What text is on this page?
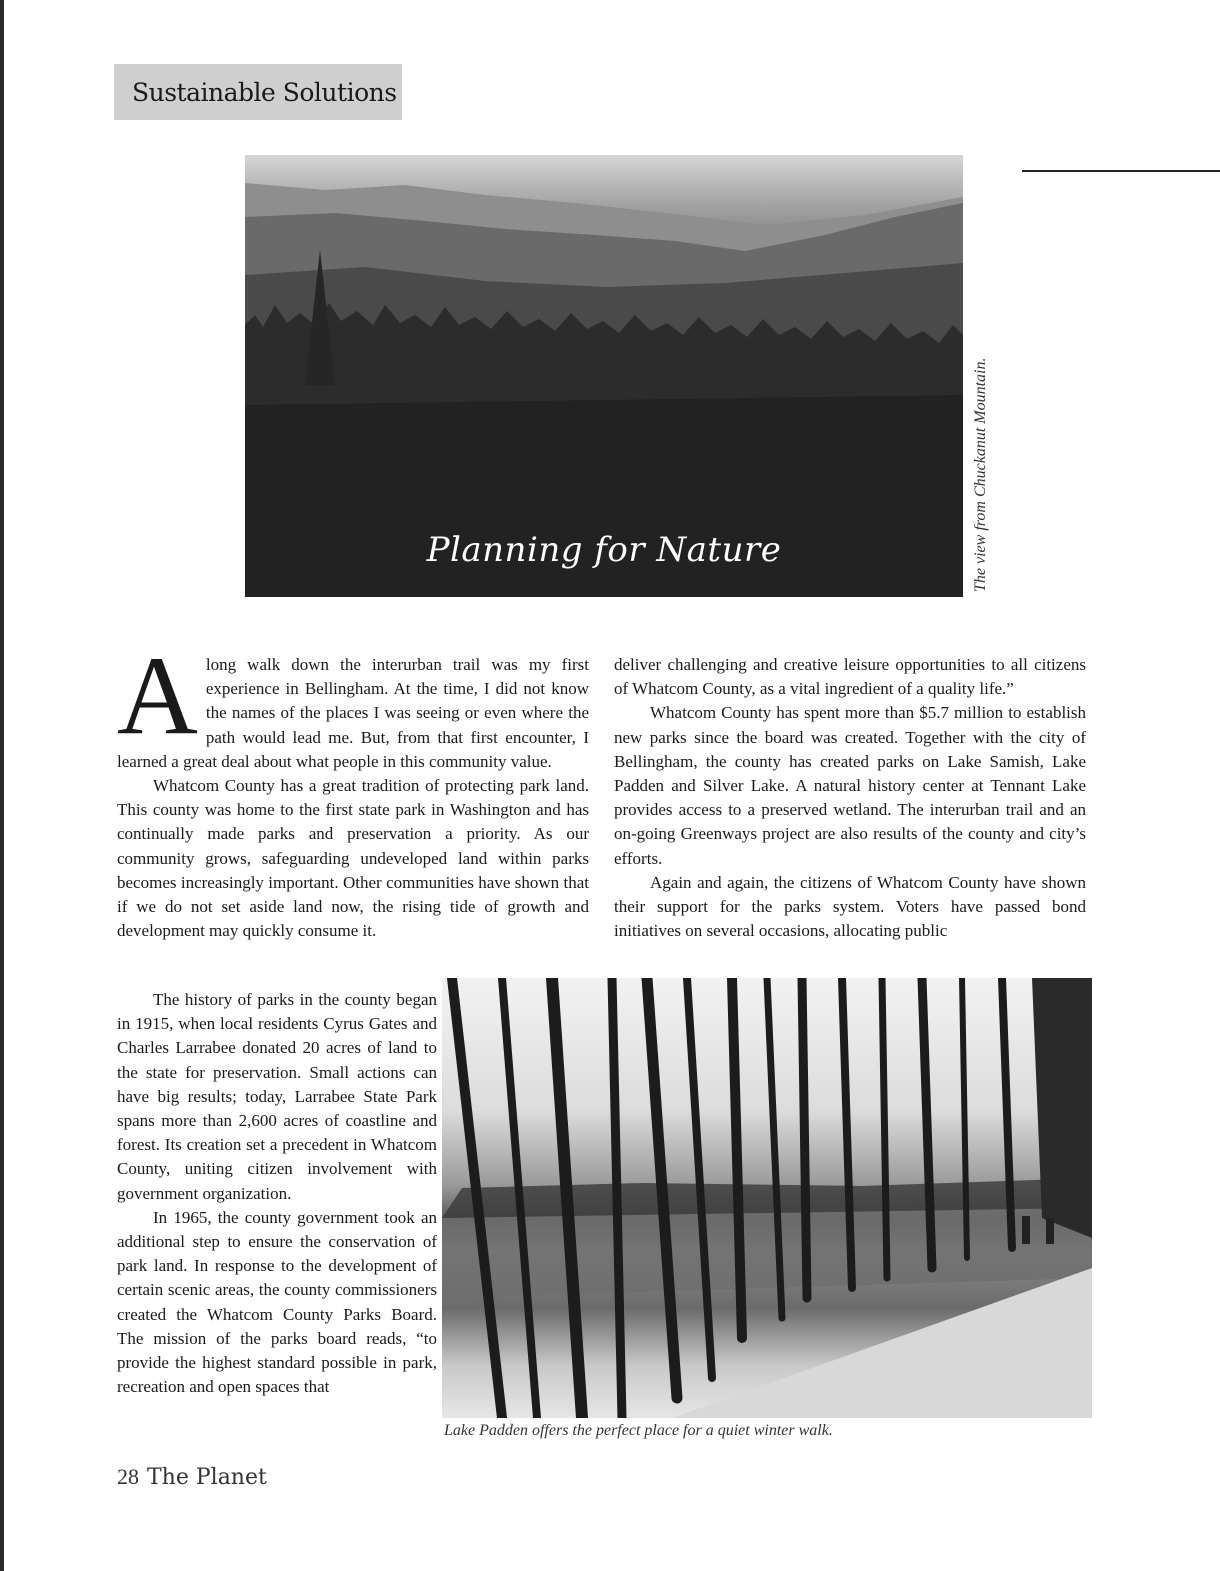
Sustainable Solutions
Planning for Nature	The view from Chuckanut Mountain.

Along walk down the interurban trail was my first experience in Bellingham. At the time, I did not know the names of the places I was seeing or even where the path would lead me. But, from that first encounter, I learned a great deal about what people in this community value.

Whatcom County has a great tradition of protecting park land. This county was home to the first state park in Washington and has continually made parks and preservation a priority. As our community grows, safeguarding undeveloped land within parks becomes increasingly important. Other communities have shown that if we do not set aside land now, the rising tide of growth and development may quickly consume it.

The history of parks in the county began in 1915, when local residents Cyrus Gates and Charles Larrabee donated 20 acres of land to the state for preservation. Small actions can have big results; today, Larrabee State Park spans more than 2,600 acres of coastline and forest. Its creation set a precedent in Whatcom County, uniting citizen involvement with government organization.

In 1965, the county government took an additional step to ensure the conservation of park land. In response to the development of certain scenic areas, the county commissioners created the Whatcom County Parks Board. The mission of the parks board reads, “to provide the highest standard possible in park, recreation and open spaces that

deliver challenging and creative leisure opportunities to all citizens of Whatcom County, as a vital ingredient of a quality life.”

Whatcom County has spent more than $5.7 million to establish new parks since the board was created. Together with the city of Bellingham, the county has created parks on Lake Samish, Lake Padden and Silver Lake. A natural history center at Tennant Lake provides access to a preserved wetland. The interurban trail and an on-going Greenways project are also results of the county and city’s efforts.

Again and again, the citizens of Whatcom County have shown their support for the parks system. Voters have passed bond initiatives on several occasions, allocating public

Lake Padden offers the perfect place for a quiet winter walk.
28 The Planet
